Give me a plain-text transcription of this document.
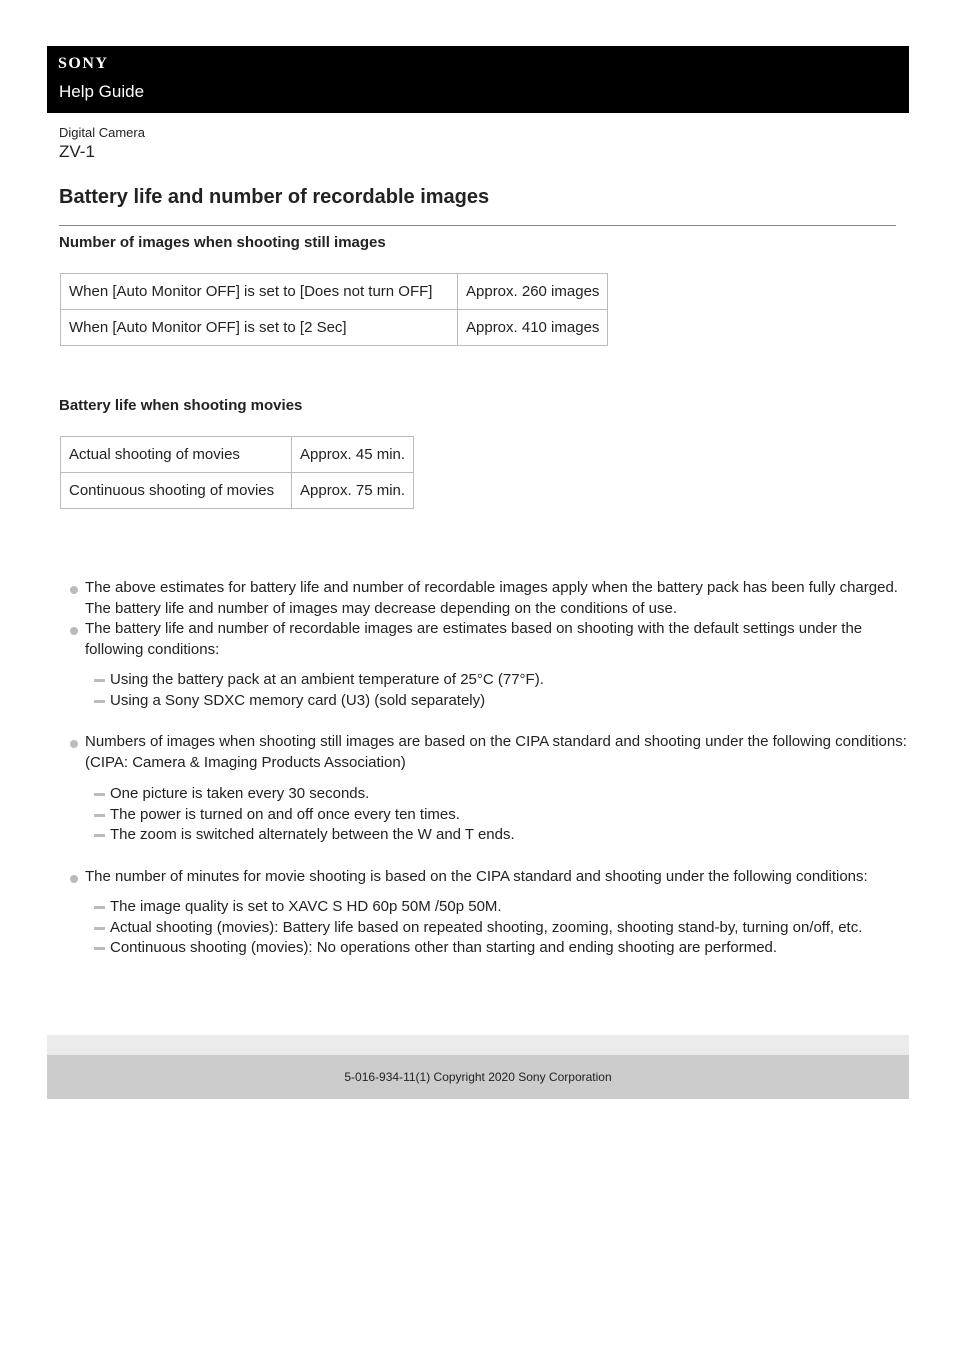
SONY
Help Guide
Digital Camera
ZV-1
Battery life and number of recordable images
Number of images when shooting still images
When [Auto Monitor OFF] is set to [Does not turn OFF]	Approx. 260 images
When [Auto Monitor OFF] is set to [2 Sec]	Approx. 410 images
Battery life when shooting movies
Actual shooting of movies	Approx. 45 min.
Continuous shooting of movies	Approx. 75 min.
The above estimates for battery life and number of recordable images apply when the battery pack has been fully charged. The battery life and number of images may decrease depending on the conditions of use.
The battery life and number of recordable images are estimates based on shooting with the default settings under the following conditions:
Using the battery pack at an ambient temperature of 25°C (77°F).
Using a Sony SDXC memory card (U3) (sold separately)
Numbers of images when shooting still images are based on the CIPA standard and shooting under the following conditions:
(CIPA: Camera & Imaging Products Association)
One picture is taken every 30 seconds.
The power is turned on and off once every ten times.
The zoom is switched alternately between the W and T ends.
The number of minutes for movie shooting is based on the CIPA standard and shooting under the following conditions:
The image quality is set to XAVC S HD 60p 50M /50p 50M.
Actual shooting (movies): Battery life based on repeated shooting, zooming, shooting stand-by, turning on/off, etc.
Continuous shooting (movies): No operations other than starting and ending shooting are performed.
5-016-934-11(1) Copyright 2020 Sony Corporation
